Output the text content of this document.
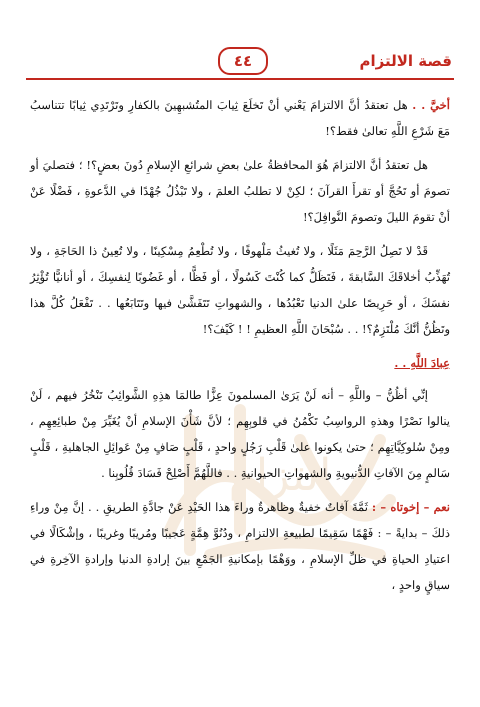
التزام
قصة الالتزام
٤٤

أخيَّ . . هل تعتقدُ أنَّ الالتزامَ يَعْني أنْ تَخلَعَ ثِيابَ المتُشبهِينَ بالكفارِ وتَرْتَدِي ثِيابًا تتناسبُ مَعَ شَرْعِ اللَّهِ تعالىٰ فقط؟!

هل تعتقدُ أنَّ الالتزامَ هُوَ المحافظةُ علىٰ بعضِ شرائعِ الإسلامِ دُونَ بعضٍ؟! ؛ فتصليَ أو تصومَ أو تَحُجَّ أو تقرأَ القرآنَ ؛ لكِنْ لا تطلبُ العلمَ ، ولا تَبْذُلُ جُهْدًا في الدَّعوةِ ، فَضْلًا عَنْ أنْ تقومَ الليلَ وتصومَ النَّوافِلَ؟!

قَدْ لا تَصِلُ الرَّحِمَ مَثَلًا ، ولا تُغيثُ مَلْهوفًا ، ولا تُطْعِمُ مِسْكِينًا ، ولا تُعِينُ ذا الحَاجَةِ ، ولا تُهَذِّبُ أخلاقَكَ السَّابقةَ ، فَتَظَلُّ كما كُنْتَ كَسُولًا ، أو فَظًّا ، أو غَضُوبًا لِنفسِكَ ، أو أنانيًّا تُؤْثِرُ نفسَكَ ، أو حَرِيصًا علىٰ الدنيا تَعْبُدُها ، والشهواتِ تَتَفَشَّىٰ فيها وتَتَابَعُها . . تَفْعَلُ كُلَّ هذا وتَظُنُّ أنَّكَ مُلْتَزِمٌ؟! . . سُبْحَانَ اللَّهِ العظيمِ ! ! كَيْفَ؟!

عِبادَ اللَّهِ . .

إنِّي أظُنُّ – واللَّهِ – أنه لَنْ يَرَىٰ المسلمونَ عِزًّا طالمَا هذِهِ الشَّوائِبُ تَنْخُرُ فيهم ، لَنْ ينالوا نَصْرًا وهذهِ الرواسِبُ تَكْمُنُ في قلوبِهِم ؛ لأنَّ شَأْنَ الإسلامِ أنْ يُغَيِّرَ مِنْ طبائِعِهِم ، ومِنْ سُلوكِيَّاتِهِم ؛ حتىٰ يكونوا علىٰ قَلْبِ رَجُلٍ واحدٍ ، قَلْبٍ صَافٍ مِنْ عَوائِلِ الجاهليةِ ، قَلْبٍ سَالمٍ مِنَ الآفاتِ الدُّنيويةِ والشهواتِ الحيوانيةِ . . فاللَّهُمَّ أَصْلِحْ فَسَادَ قُلُوبِنا .

نعم – إخوتاه – : ثَمَّةَ آفاتٌ خفيةٌ وظاهرةٌ وراءَ هذا الحَيْدِ عَنْ جادَّةِ الطريقِ . . إنَّ مِنْ وراءِ ذلكَ – بدايةً – : فَهْمًا سَقِيمًا لطبيعةِ الالتزامِ ، ودُنُوَّ هِمَّةٍ عَجيبًا ومُريبًا وغريبًا ، وإشْكَالًا في اعتيادِ الحياةِ في ظلِّ الإسلامِ ، ووَهْمًا بإمكانيةِ الجَمْعِ بينَ إرادةِ الدنيا وإرادةِ الآخِرةِ في سياقٍ واحدٍ ،
